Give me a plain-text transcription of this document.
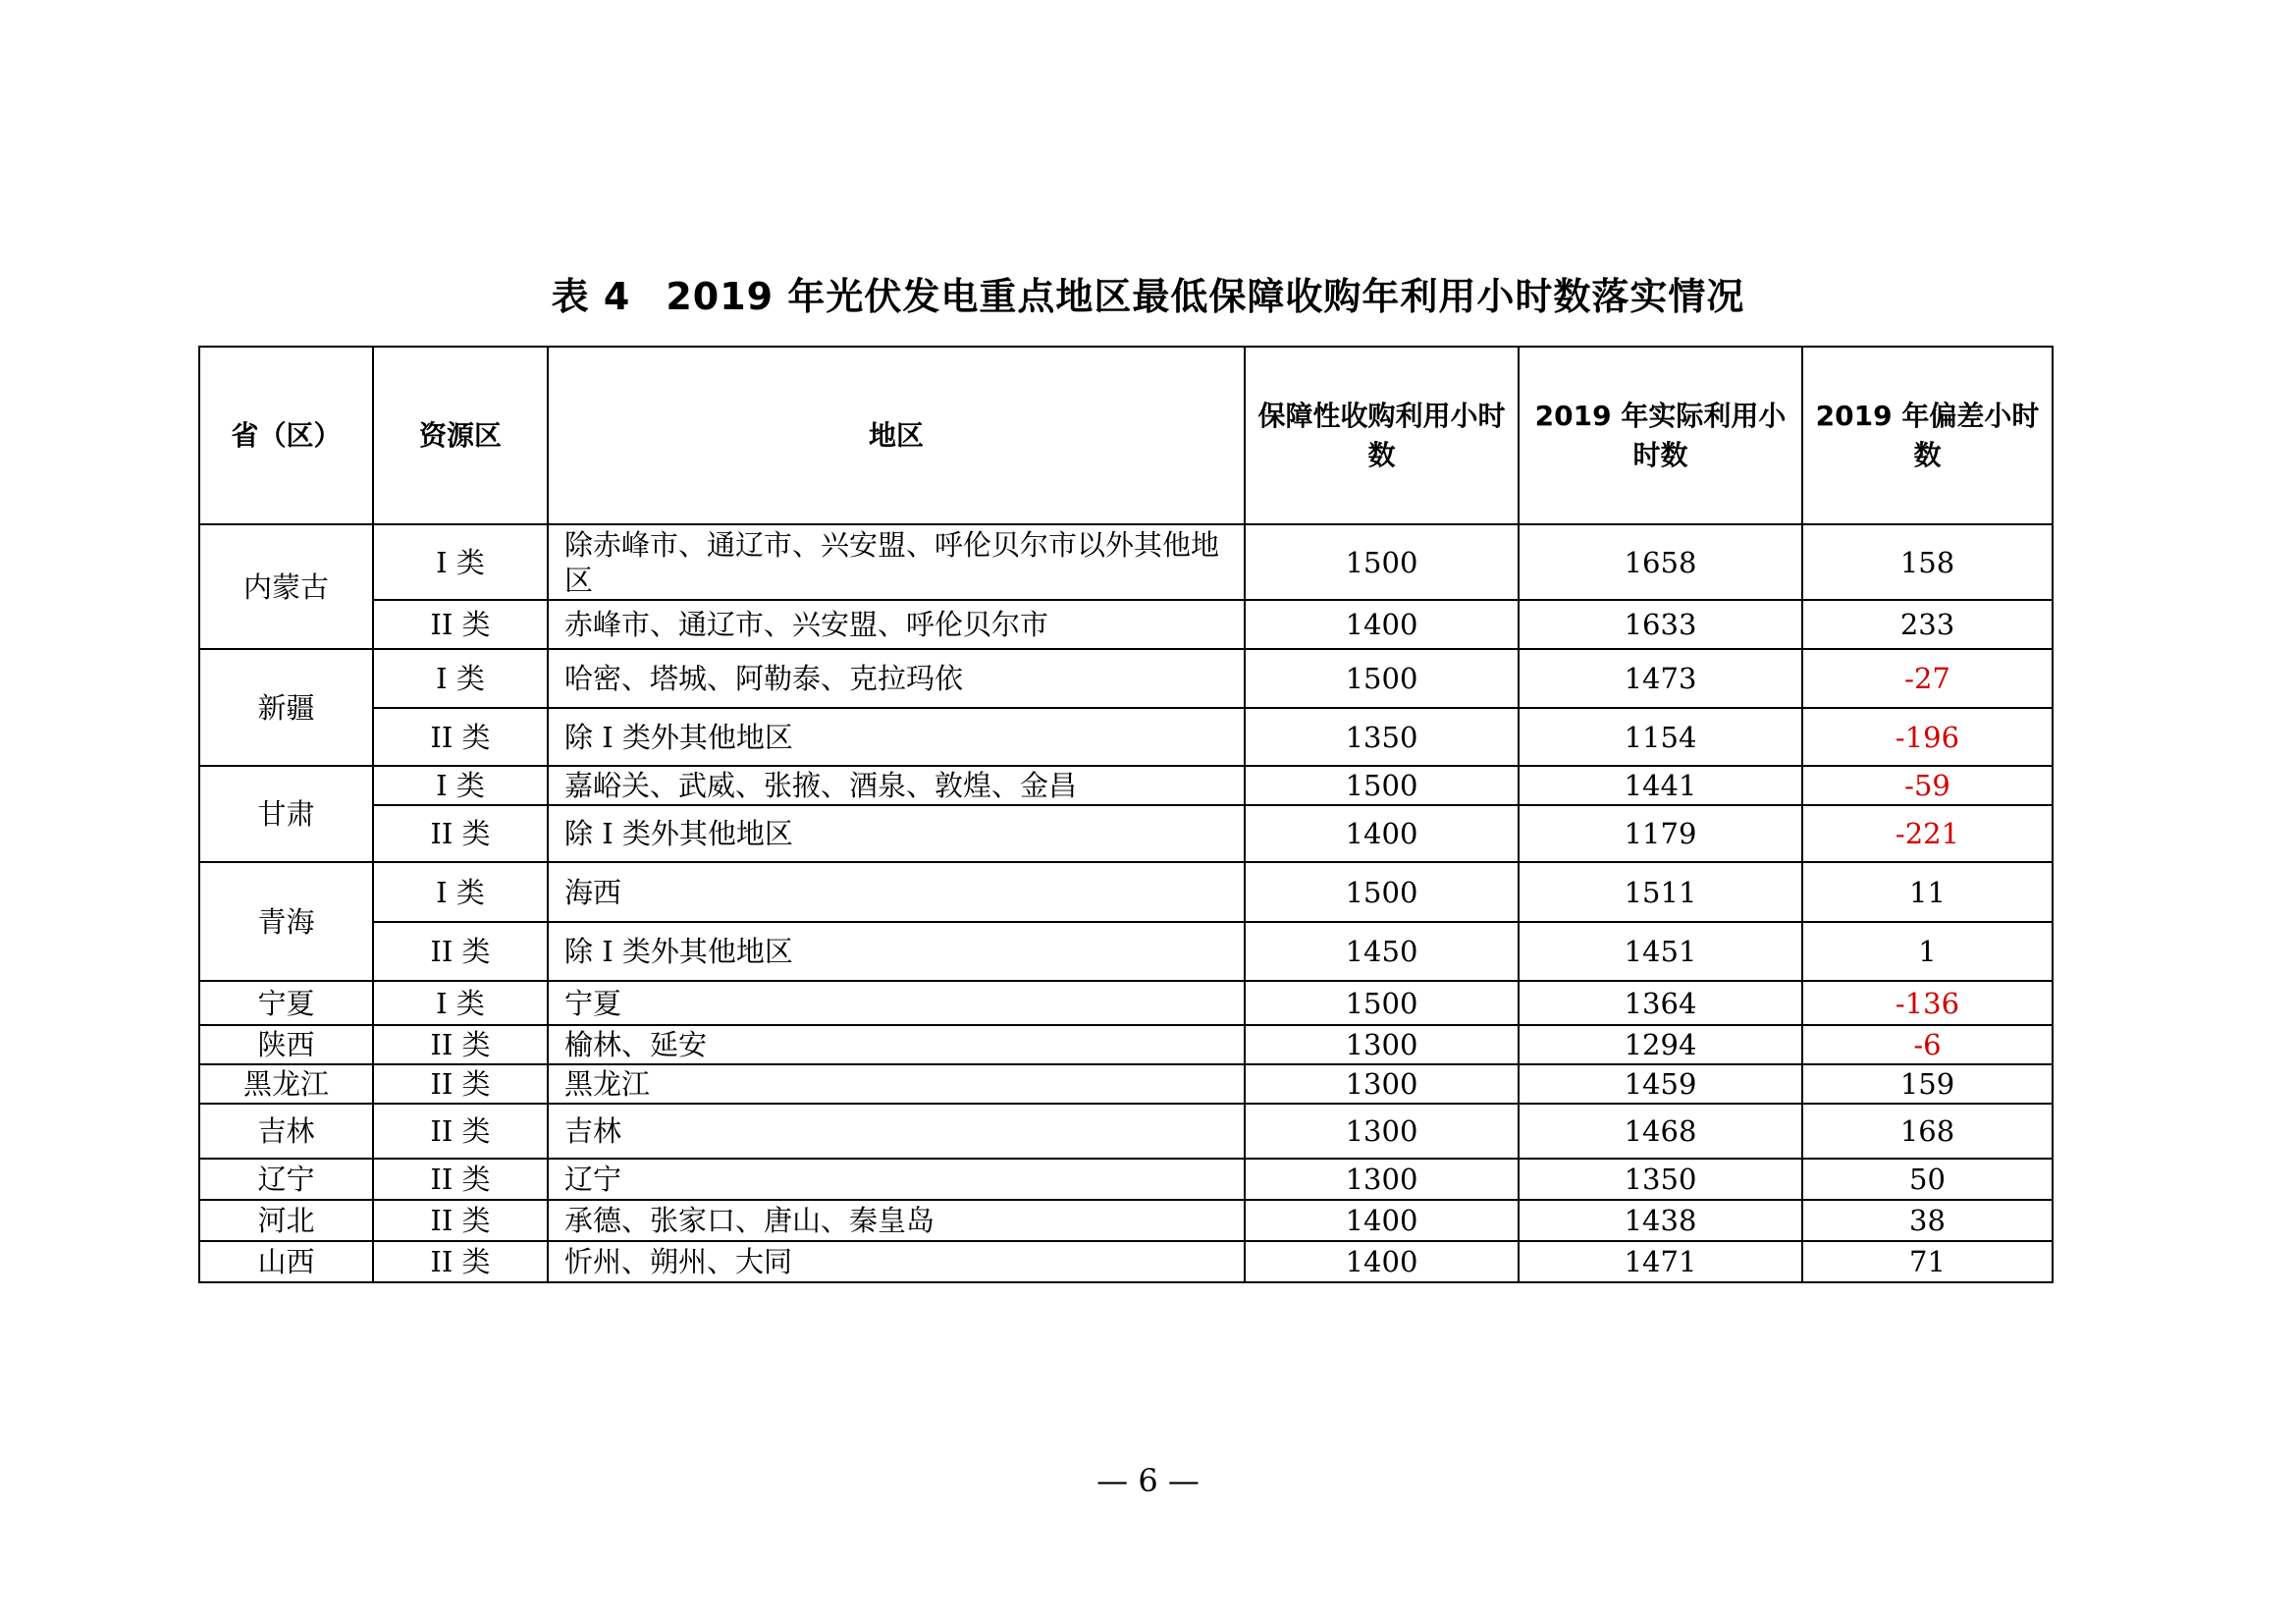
表 4 2019 年光伏发电重点地区最低保障收购年利用小时数落实情况
省（区）	资源区	地区	保障性收购利用小时数	2019 年实际利用小时数	2019 年偏差小时数
内蒙古	I 类	除赤峰市、通辽市、兴安盟、呼伦贝尔市以外其他地区	1500	1658	158
	II 类	赤峰市、通辽市、兴安盟、呼伦贝尔市	1400	1633	233
新疆	I 类	哈密、塔城、阿勒泰、克拉玛依	1500	1473	-27
	II 类	除 I 类外其他地区	1350	1154	-196
甘肃	I 类	嘉峪关、武威、张掖、酒泉、敦煌、金昌	1500	1441	-59
	II 类	除 I 类外其他地区	1400	1179	-221
青海	I 类	海西	1500	1511	11
	II 类	除 I 类外其他地区	1450	1451	1
宁夏	I 类	宁夏	1500	1364	-136
陕西	II 类	榆林、延安	1300	1294	-6
黑龙江	II 类	黑龙江	1300	1459	159
吉林	II 类	吉林	1300	1468	168
辽宁	II 类	辽宁	1300	1350	50
河北	II 类	承德、张家口、唐山、秦皇岛	1400	1438	38
山西	II 类	忻州、朔州、大同	1400	1471	71
— 6 —
